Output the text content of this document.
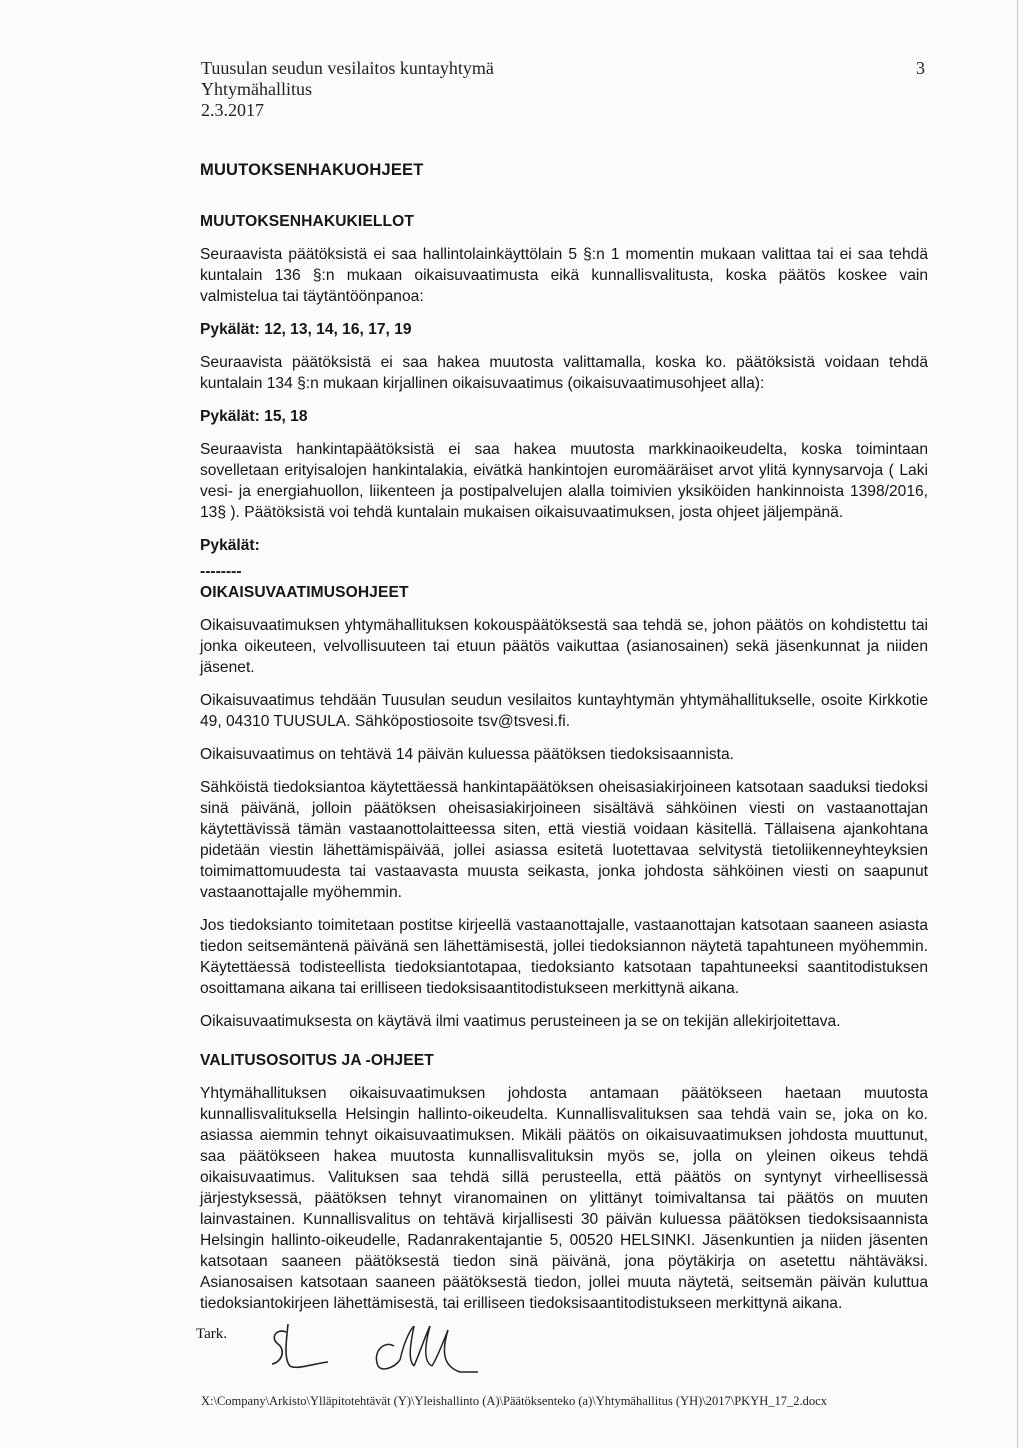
Tuusulan seudun vesilaitos kuntayhtymä
Yhtymähallitus
2.3.2017
3
MUUTOKSENHAKUOHJEET
MUUTOKSENHAKUKIELLOT

Seuraavista päätöksistä ei saa hallintolainkäyttölain 5 §:n 1 momentin mukaan valittaa tai ei saa tehdä kuntalain 136 §:n mukaan oikaisuvaatimusta eikä kunnallisvalitusta, koska päätös koskee vain valmistelua tai täytäntöönpanoa:

Pykälät: 12, 13, 14, 16, 17, 19

Seuraavista päätöksistä ei saa hakea muutosta valittamalla, koska ko. päätöksistä voidaan tehdä kuntalain 134 §:n mukaan kirjallinen oikaisuvaatimus (oikaisuvaatimusohjeet alla):

Pykälät: 15, 18

Seuraavista hankintapäätöksistä ei saa hakea muutosta markkinaoikeudelta, koska toimintaan sovelletaan erityisalojen hankintalakia, eivätkä hankintojen euromääräiset arvot ylitä kynnysarvoja ( Laki vesi- ja energiahuollon, liikenteen ja postipalvelujen alalla toimivien yksiköiden hankinnoista 1398/2016, 13§ ). Päätöksistä voi tehdä kuntalain mukaisen oikaisuvaatimuksen, josta ohjeet jäljempänä.

Pykälät:
--------
OIKAISUVAATIMUSOHJEET

Oikaisuvaatimuksen yhtymähallituksen kokouspäätöksestä saa tehdä se, johon päätös on kohdistettu tai jonka oikeuteen, velvollisuuteen tai etuun päätös vaikuttaa (asianosainen) sekä jäsenkunnat ja niiden jäsenet.

Oikaisuvaatimus tehdään Tuusulan seudun vesilaitos kuntayhtymän yhtymähallitukselle, osoite Kirkkotie 49, 04310 TUUSULA. Sähköpostiosoite tsv@tsvesi.fi.

Oikaisuvaatimus on tehtävä 14 päivän kuluessa päätöksen tiedoksisaannista.

Sähköistä tiedoksiantoa käytettäessä hankintapäätöksen oheisasiakirjoineen katsotaan saaduksi tiedoksi sinä päivänä, jolloin päätöksen oheisasiakirjoineen sisältävä sähköinen viesti on vastaanottajan käytettävissä tämän vastaanottolaitteessa siten, että viestiä voidaan käsitellä. Tällaisena ajankohtana pidetään viestin lähettämispäivää, jollei asiassa esitetä luotettavaa selvitystä tietoliikenneyhteyksien toimimattomuudesta tai vastaavasta muusta seikasta, jonka johdosta sähköinen viesti on saapunut vastaanottajalle myöhemmin.

Jos tiedoksianto toimitetaan postitse kirjeellä vastaanottajalle, vastaanottajan katsotaan saaneen asiasta tiedon seitsemäntenä päivänä sen lähettämisestä, jollei tiedoksiannon näytetä tapahtuneen myöhemmin. Käytettäessä todisteellista tiedoksiantotapaa, tiedoksianto katsotaan tapahtuneeksi saantitodistuksen osoittamana aikana tai erilliseen tiedoksisaantitodistukseen merkittynä aikana.

Oikaisuvaatimuksesta on käytävä ilmi vaatimus perusteineen ja se on tekijän allekirjoitettava.

VALITUSOSOITUS JA -OHJEET

Yhtymähallituksen oikaisuvaatimuksen johdosta antamaan päätökseen haetaan muutosta kunnallisvalituksella Helsingin hallinto-oikeudelta. Kunnallisvalituksen saa tehdä vain se, joka on ko. asiassa aiemmin tehnyt oikaisuvaatimuksen. Mikäli päätös on oikaisuvaatimuksen johdosta muuttunut, saa päätökseen hakea muutosta kunnallisvalituksin myös se, jolla on yleinen oikeus tehdä oikaisuvaatimus. Valituksen saa tehdä sillä perusteella, että päätös on syntynyt virheellisessä järjestyksessä, päätöksen tehnyt viranomainen on ylittänyt toimivaltansa tai päätös on muuten lainvastainen. Kunnallisvalitus on tehtävä kirjallisesti 30 päivän kuluessa päätöksen tiedoksisaannista Helsingin hallinto-oikeudelle, Radanrakentajantie 5, 00520 HELSINKI. Jäsenkuntien ja niiden jäsenten katsotaan saaneen päätöksestä tiedon sinä päivänä, jona pöytäkirja on asetettu nähtäväksi. Asianosaisen katsotaan saaneen päätöksestä tiedon, jollei muuta näytetä, seitsemän päivän kuluttua tiedoksiantokirjeen lähettämisestä, tai erilliseen tiedoksisaantitodistukseen merkittynä aikana.

Tark.
X:\Company\Arkisto\Ylläpitotehtävät (Y)\Yleishallinto (A)\Päätöksenteko (a)\Yhtymähallitus (YH)\2017\PKYH_17_2.docx
